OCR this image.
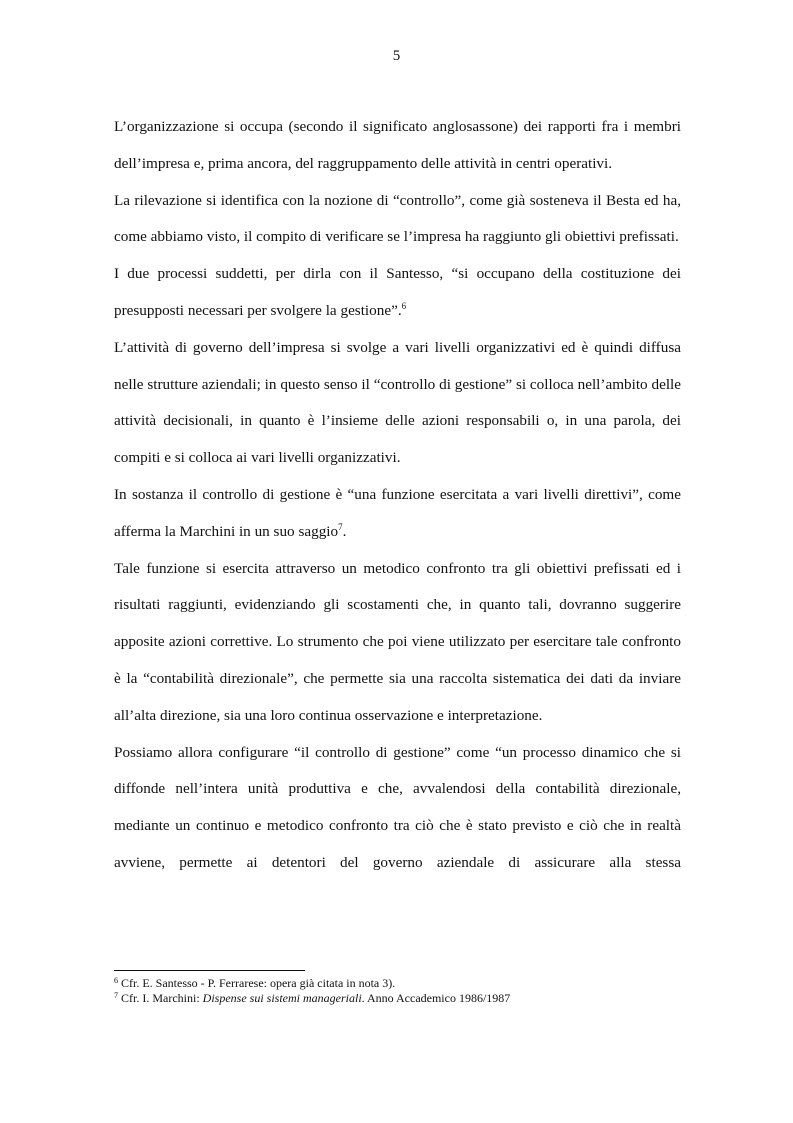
5

L’organizzazione si occupa (secondo il significato anglosassone) dei rapporti fra i membri dell’impresa e, prima ancora, del raggruppamento delle attività in centri operativi.

La rilevazione si identifica con la nozione di “controllo”, come già sosteneva il Besta ed ha, come abbiamo visto, il compito di verificare se l’impresa ha raggiunto gli obiettivi prefissati.

I due processi suddetti, per dirla con il Santesso, “si occupano della costituzione dei presupposti necessari per svolgere la gestione”.$^6$

L’attività di governo dell’impresa si svolge a vari livelli organizzativi ed è quindi diffusa nelle strutture aziendali; in questo senso il “controllo di gestione” si colloca nell’ambito delle attività decisionali, in quanto è l’insieme delle azioni responsabili o, in una parola, dei compiti e si colloca ai vari livelli organizzativi.

In sostanza il controllo di gestione è “una funzione esercitata a vari livelli direttivi”, come afferma la Marchini in un suo saggio$^7$.

Tale funzione si esercita attraverso un metodico confronto tra gli obiettivi prefissati ed i risultati raggiunti, evidenziando gli scostamenti che, in quanto tali, dovranno suggerire apposite azioni correttive. Lo strumento che poi viene utilizzato per esercitare tale confronto è la “contabilità direzionale”, che permette sia una raccolta sistematica dei dati da inviare all’alta direzione, sia una loro continua osservazione e interpretazione.

Possiamo allora configurare “il controllo di gestione” come “un processo dinamico che si diffonde nell’intera unità produttiva e che, avvalendosi della contabilità direzionale, mediante un continuo e metodico confronto tra ciò che è stato previsto e ciò che in realtà avviene, permette ai detentori del governo aziendale di assicurare alla stessa

$^6$ Cfr. E. Santesso - P. Ferrarese: opera già citata in nota 3).

$^7$ Cfr. I. Marchini: Dispense sui sistemi manageriali. Anno Accademico 1986/1987
